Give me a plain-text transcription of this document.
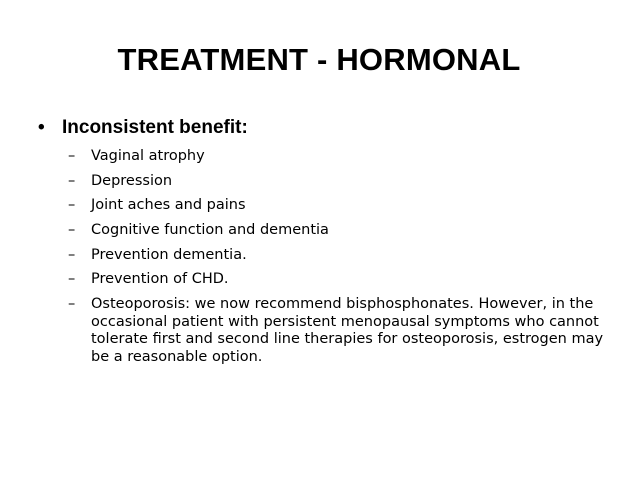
TREATMENT - HORMONAL
• Inconsistent benefit:
–	Vaginal atrophy
–	Depression
–	Joint aches and pains
–	Cognitive function and dementia
–	Prevention dementia.
–	Prevention of CHD.
–	Osteoporosis: we now recommend bisphosphonates. However, in the occasional patient with persistent menopausal symptoms who cannot tolerate first and second line therapies for osteoporosis, estrogen may be a reasonable option.
